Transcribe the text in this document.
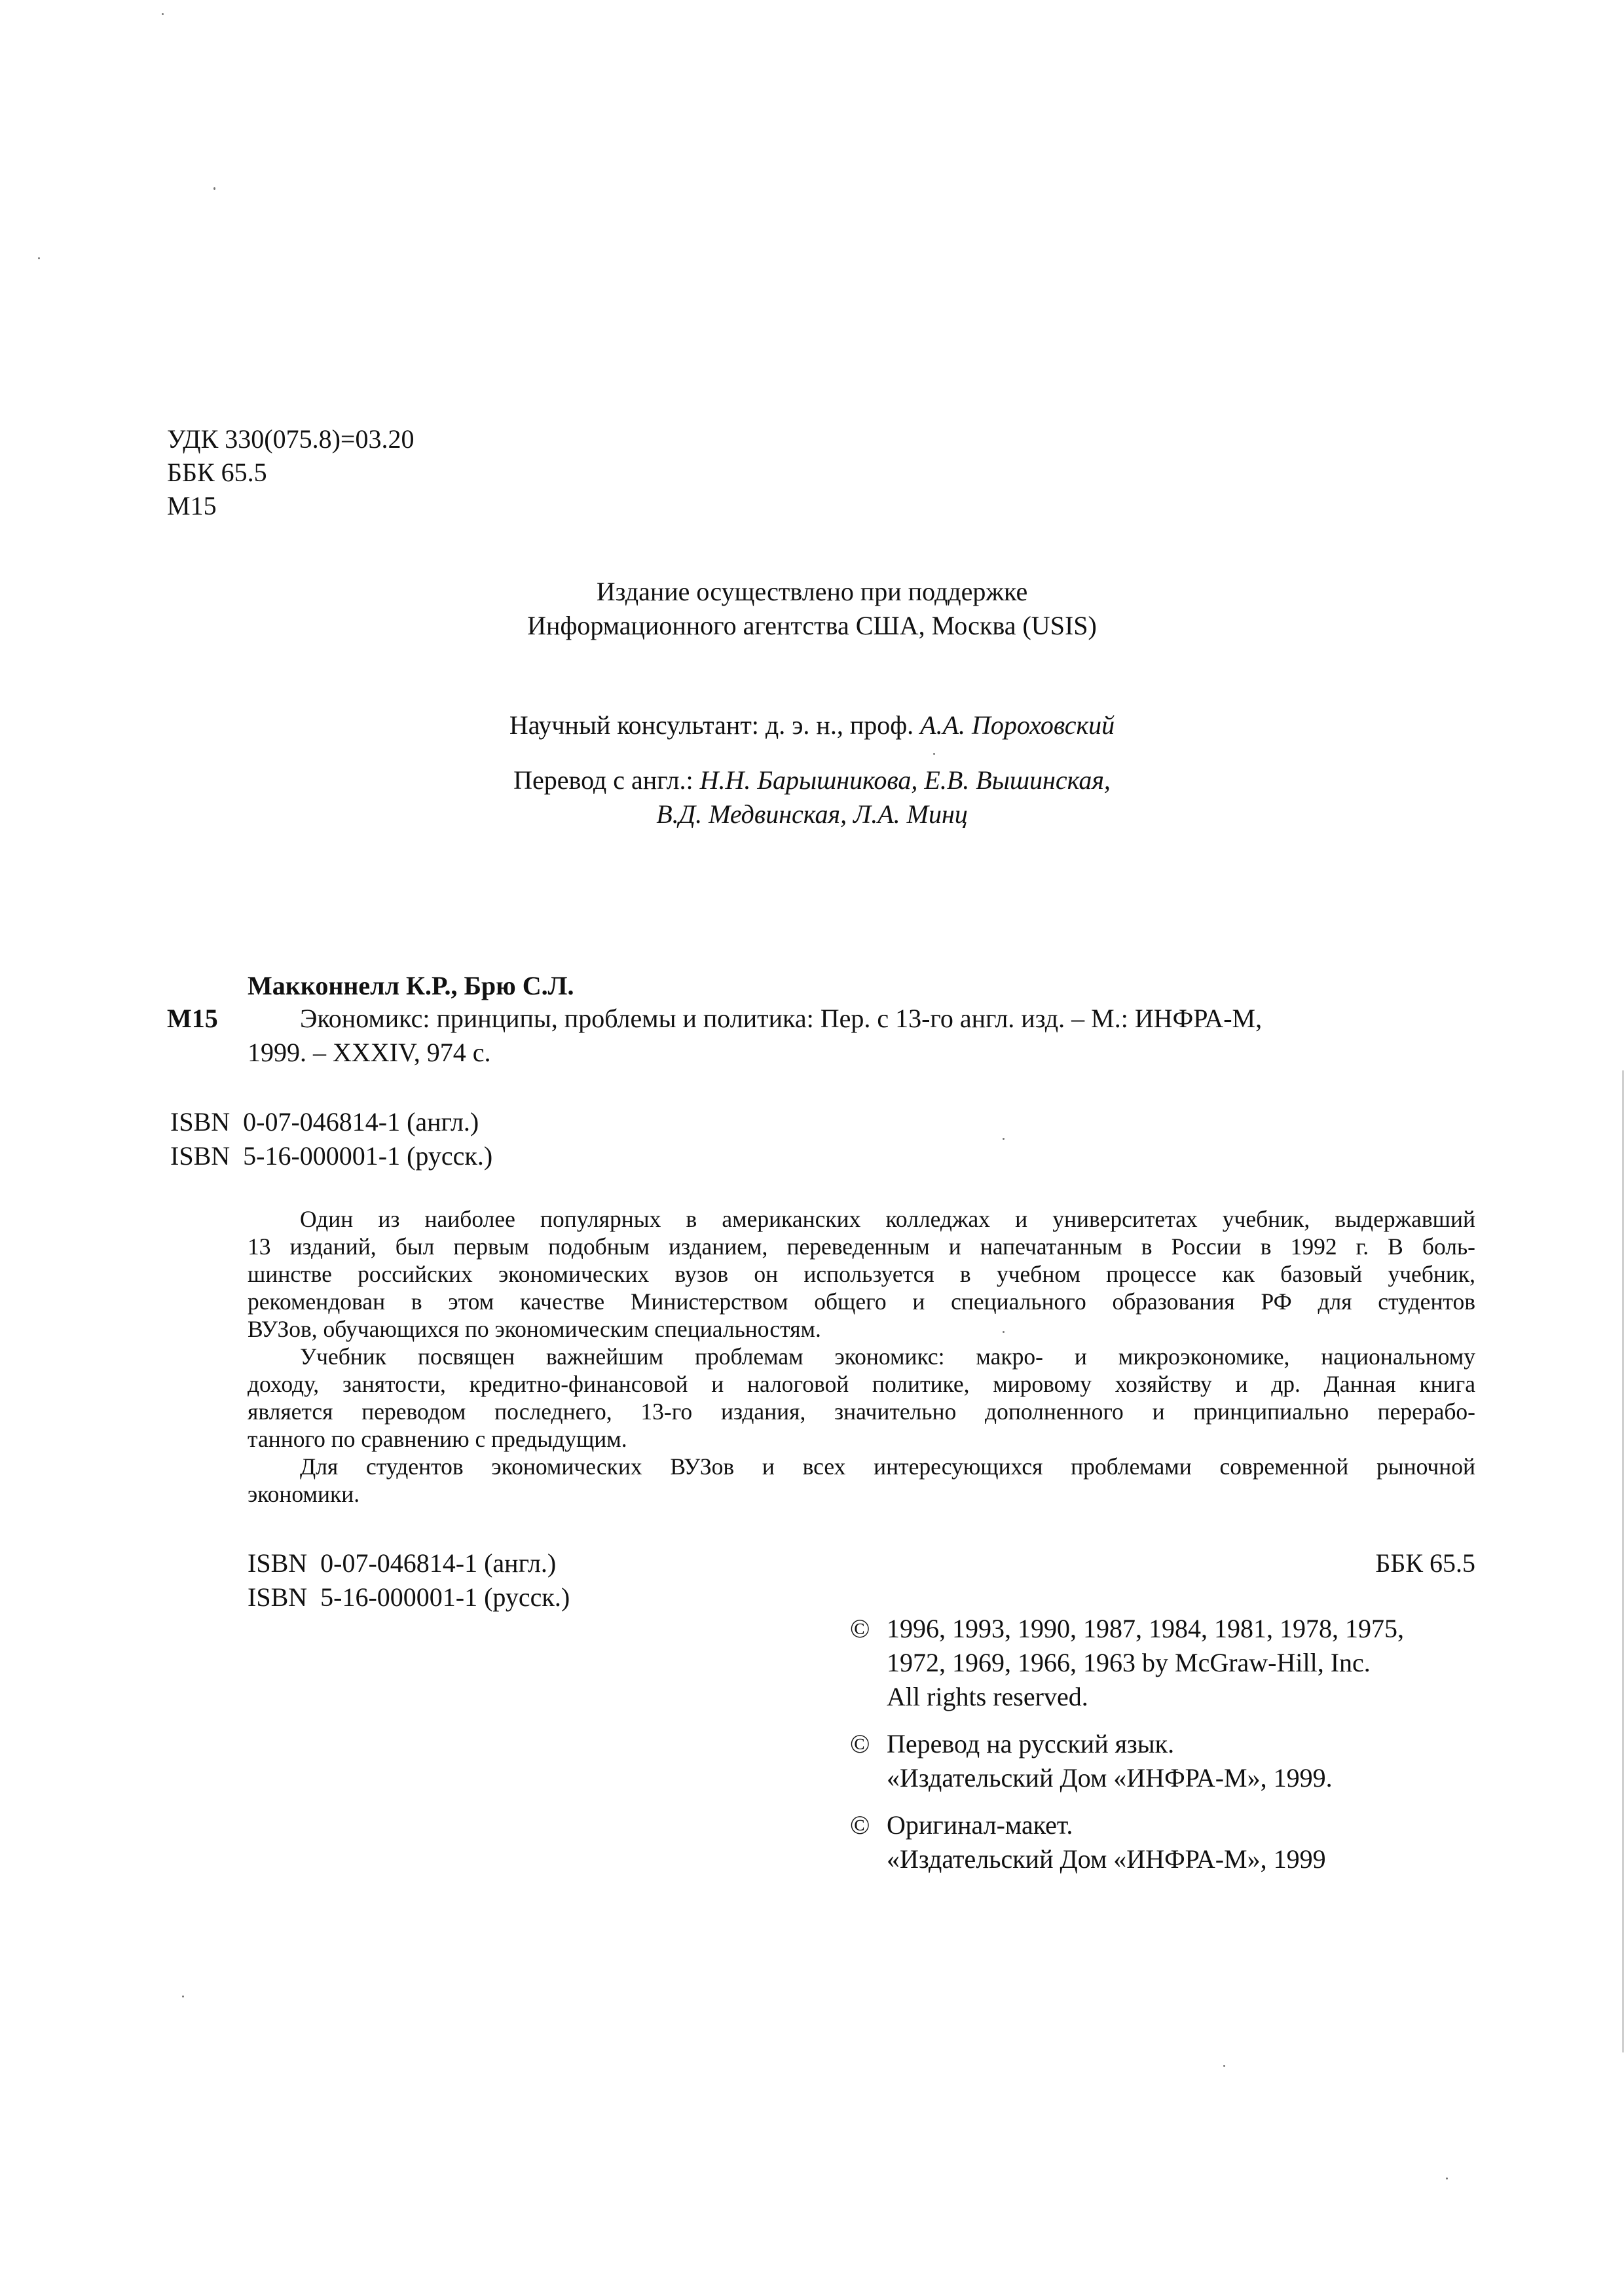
УДК 330(075.8)=03.20
ББК 65.5
М15
Издание осуществлено при поддержке
Информационного агентства США, Москва (USIS)
Научный консультант: д. э. н., проф. А.А. Пороховский
Перевод с англ.: Н.Н. Барышникова, Е.В. Вышинская,
В.Д. Медвинская, Л.А. Минц
Макконнелл К.Р., Брю С.Л.
М15	Экономикс: принципы, проблемы и политика: Пер. с 13-го англ. изд. – М.: ИНФРА-М,
1999. – XXXIV, 974 с.
ISBN  0-07-046814-1 (англ.)
ISBN  5-16-000001-1 (русск.)
Один из наиболее популярных в американских колледжах и университетах учебник, выдержавший
13 изданий, был первым подобным изданием, переведенным и напечатанным в России в 1992 г. В боль-
шинстве российских экономических вузов он используется в учебном процессе как базовый учебник,
рекомендован в этом качестве Министерством общего и специального образования РФ для студентов
ВУЗов, обучающихся по экономическим специальностям.
Учебник посвящен важнейшим проблемам экономикс: макро- и микроэкономике, национальному
доходу, занятости, кредитно-финансовой и налоговой политике, мировому хозяйству и др. Данная книга
является переводом последнего, 13-го издания, значительно дополненного и принципиально перерабо-
танного по сравнению с предыдущим.
Для студентов экономических ВУЗов и всех интересующихся проблемами современной рыночной
экономики.
ISBN  0-07-046814-1 (англ.)
ISBN  5-16-000001-1 (русск.)
ББК 65.5
© 1996, 1993, 1990, 1987, 1984, 1981, 1978, 1975,
1972, 1969, 1966, 1963 by McGraw-Hill, Inc.
All rights reserved.
© Перевод на русский язык.
«Издательский Дом «ИНФРА-М», 1999.
© Оригинал-макет.
«Издательский Дом «ИНФРА-М», 1999
